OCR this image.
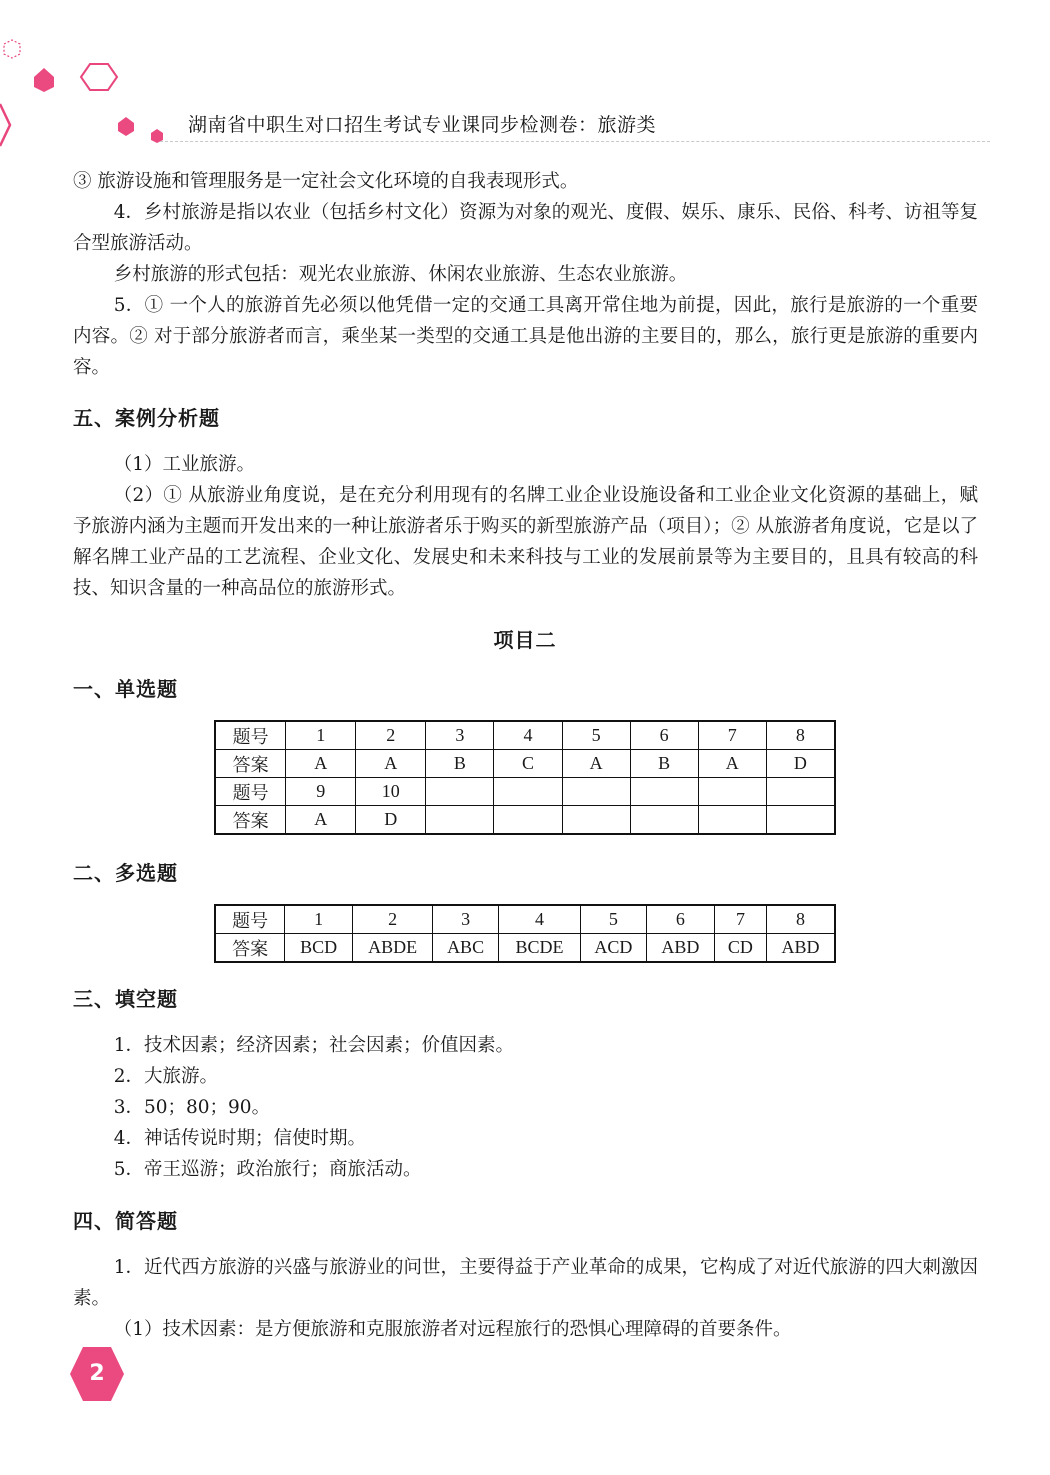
湖南省中职生对口招生考试专业课同步检测卷：旅游类

③ 旅游设施和管理服务是一定社会文化环境的自我表现形式。

4．乡村旅游是指以农业（包括乡村文化）资源为对象的观光、度假、娱乐、康乐、民俗、科考、访祖等复合型旅游活动。

乡村旅游的形式包括：观光农业旅游、休闲农业旅游、生态农业旅游。

5．① 一个人的旅游首先必须以他凭借一定的交通工具离开常住地为前提，因此，旅行是旅游的一个重要内容。② 对于部分旅游者而言，乘坐某一类型的交通工具是他出游的主要目的，那么，旅行更是旅游的重要内容。

五、案例分析题

（1）工业旅游。

（2）① 从旅游业角度说，是在充分利用现有的名牌工业企业设施设备和工业企业文化资源的基础上，赋予旅游内涵为主题而开发出来的一种让旅游者乐于购买的新型旅游产品（项目）；② 从旅游者角度说，它是以了解名牌工业产品的工艺流程、企业文化、发展史和未来科技与工业的发展前景等为主要目的，且具有较高的科技、知识含量的一种高品位的旅游形式。

项目二
一、单选题
题号	1	2	3	4	5	6	7	8
答案	A	A	B	C	A	B	A	D
题号	9	10						
答案	A	D						
二、多选题
题号	1	2	3	4	5	6	7	8
答案	BCD	ABDE	ABC	BCDE	ACD	ABD	CD	ABD
三、填空题

1．技术因素；经济因素；社会因素；价值因素。

2．大旅游。

3．50；80；90。

4．神话传说时期；信使时期。

5．帝王巡游；政治旅行；商旅活动。

四、简答题

1．近代西方旅游的兴盛与旅游业的问世，主要得益于产业革命的成果，它构成了对近代旅游的四大刺激因素。

（1）技术因素：是方便旅游和克服旅游者对远程旅行的恐惧心理障碍的首要条件。

2
